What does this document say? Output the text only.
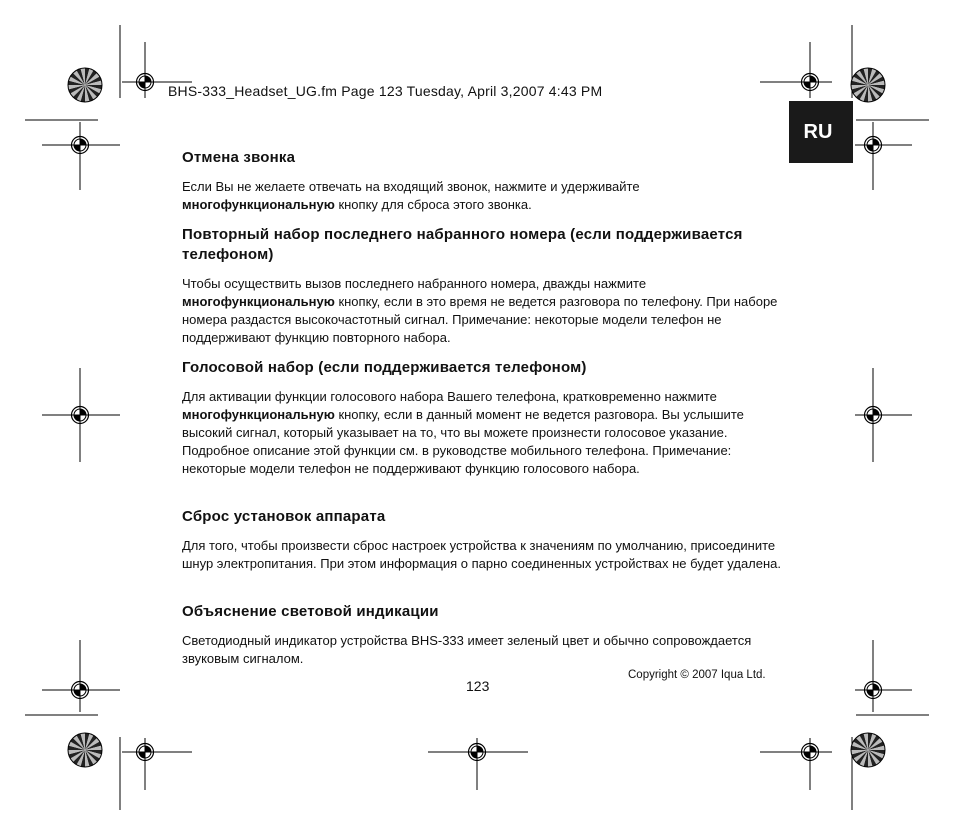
BHS-333_Headset_UG.fm Page 123 Tuesday, April 3,2007 4:43 PM
RU
Отмена звонка

Если Вы не желаете отвечать на входящий звонок, нажмите и удерживайте многофункциональную кнопку для сброса этого звонка.

Повторный набор последнего набранного номера (если поддерживается телефоном)

Чтобы осуществить вызов последнего набранного номера, дважды нажмите многофункциональную кнопку, если в это время не ведется разговора по телефону. При наборе номера раздастся высокочастотный сигнал. Примечание: некоторые модели телефон не поддерживают функцию повторного набора.

Голосовой набор (если поддерживается телефоном)

Для активации функции голосового набора Вашего телефона, кратковременно нажмите многофункциональную кнопку, если в данный момент не ведется разговора. Вы услышите высокий сигнал, который указывает на то, что вы можете произнести голосовое указание. Подробное описание этой функции см. в руководстве мобильного телефона. Примечание: некоторые модели телефон не поддерживают функцию голосового набора.

Сброс установок аппарата

Для того, чтобы произвести сброс настроек устройства к значениям по умолчанию, присоедините шнур электропитания. При этом информация о парно соединенных устройствах не будет удалена.

Объяснение световой индикации

Светодиодный индикатор устройства BHS-333 имеет зеленый цвет и обычно сопровождается звуковым сигналом.

Copyright © 2007 Iqua Ltd.
123
